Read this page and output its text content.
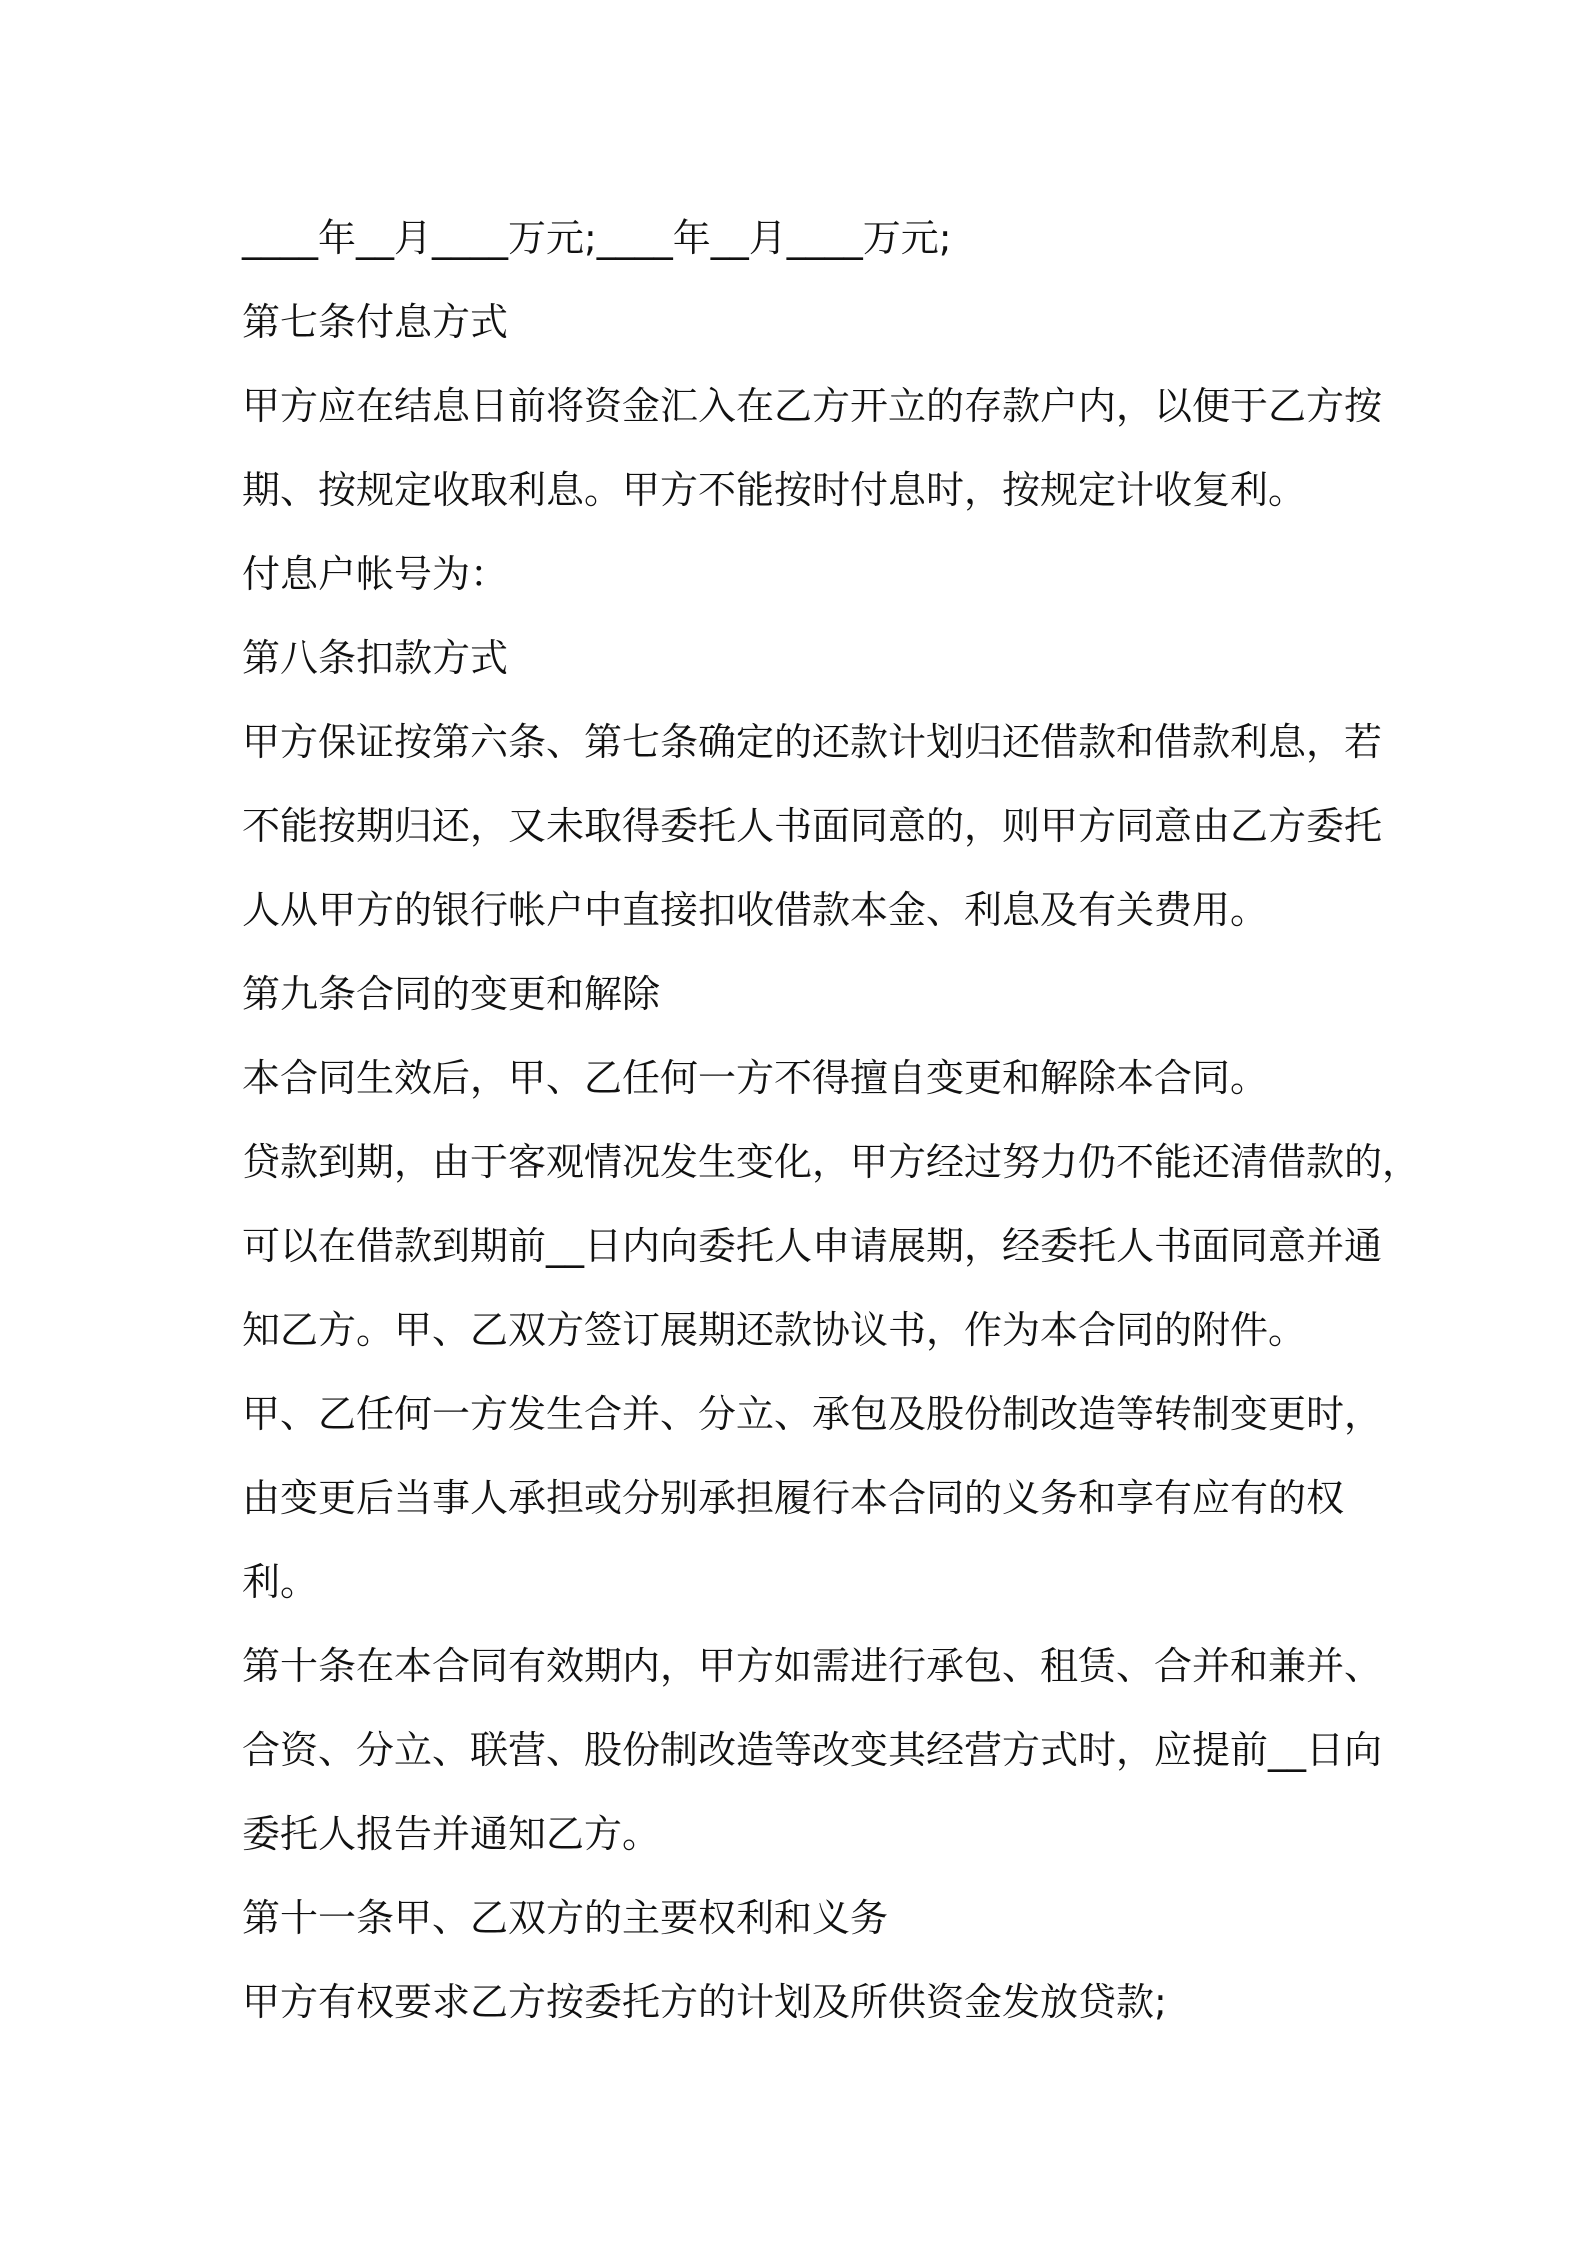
____年__月____万元;____年__月____万元;

第七条付息方式

甲方应在结息日前将资金汇入在乙方开立的存款户内，以便于乙方按

期、按规定收取利息。甲方不能按时付息时，按规定计收复利。

付息户帐号为：

第八条扣款方式

甲方保证按第六条、第七条确定的还款计划归还借款和借款利息，若

不能按期归还，又未取得委托人书面同意的，则甲方同意由乙方委托

人从甲方的银行帐户中直接扣收借款本金、利息及有关费用。

第九条合同的变更和解除

本合同生效后，甲、乙任何一方不得擅自变更和解除本合同。

贷款到期，由于客观情况发生变化，甲方经过努力仍不能还清借款的，

可以在借款到期前__日内向委托人申请展期，经委托人书面同意并通

知乙方。甲、乙双方签订展期还款协议书，作为本合同的附件。

甲、乙任何一方发生合并、分立、承包及股份制改造等转制变更时，

由变更后当事人承担或分别承担履行本合同的义务和享有应有的权

利。

第十条在本合同有效期内，甲方如需进行承包、租赁、合并和兼并、

合资、分立、联营、股份制改造等改变其经营方式时，应提前__日向

委托人报告并通知乙方。

第十一条甲、乙双方的主要权利和义务

甲方有权要求乙方按委托方的计划及所供资金发放贷款;
